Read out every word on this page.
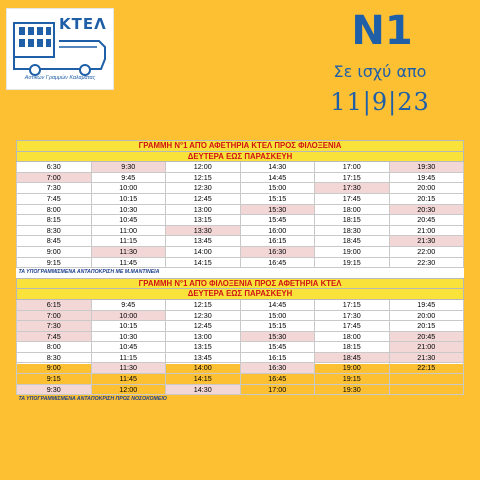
ΚΤΕΛ
Αστικών Γραμμών Καλαμάτας
Ν1
Σε ισχύ απο
11|9|23
ΓΡΑΜΜΗ Ν°1 ΑΠΌ ΑΦΕΤΗΡΙΑ ΚΤΕΛ ΠΡΟΣ ΦΙΛΟΞΕΝΙΑ					
ΔΕΥΤΕΡΑ ΕΩΣ ΠΑΡΑΣΚΕΥΗ					
6:30	9:30	12:00	14:30	17:00	19:30
7:00	9:45	12:15	14:45	17:15	19:45
7:30	10:00	12:30	15:00	17:30	20:00
7:45	10:15	12:45	15:15	17:45	20:15
8:00	10:30	13:00	15:30	18:00	20:30
8:15	10:45	13:15	15:45	18:15	20:45
8:30	11:00	13:30	16:00	18:30	21:00
8:45	11:15	13:45	16:15	18:45	21:30
9:00	11:30	14:00	16:30	19:00	22:00
9:15	11:45	14:15	16:45	19:15	22:30
ΤΑ ΥΠΟΓΡΑΜΜΙΣΜΕΝΑ ΑΝΤΑΠΟΚΡΙΣΗ ΜΕ Μ.ΜΑΝΤΙΝΕΙΑ					
ΓΡΑΜΜΗ Ν°1 ΑΠΌ ΦΙΛΟΞΕΝΙΑ ΠΡΟΣ ΑΦΕΤΗΡΙΑ ΚΤΕΛ					
ΔΕΥΤΕΡΑ ΕΩΣ ΠΑΡΑΣΚΕΥΗ					
6:15	9:45	12:15	14:45	17:15	19:45
7:00	10:00	12:30	15:00	17:30	20:00
7:30	10:15	12:45	15:15	17:45	20:15
7:45	10:30	13:00	15:30	18:00	20:45
8:00	10:45	13:15	15:45	18:15	21:00
8:30	11:15	13:45	16:15	18:45	21:30
9:00	11:30	14:00	16:30	19:00	22:15
9:15	11:45	14:15	16:45	19:15	
9:30	12:00	14:30	17:00	19:30	
ΤΑ ΥΠΟΓΡΑΜΜΙΣΜΕΝΑ ΑΝΤΑΠΟΚΡΙΣΗ ΠΡΟΣ ΝΟΣΟΚΟΜΕΙΟ					
